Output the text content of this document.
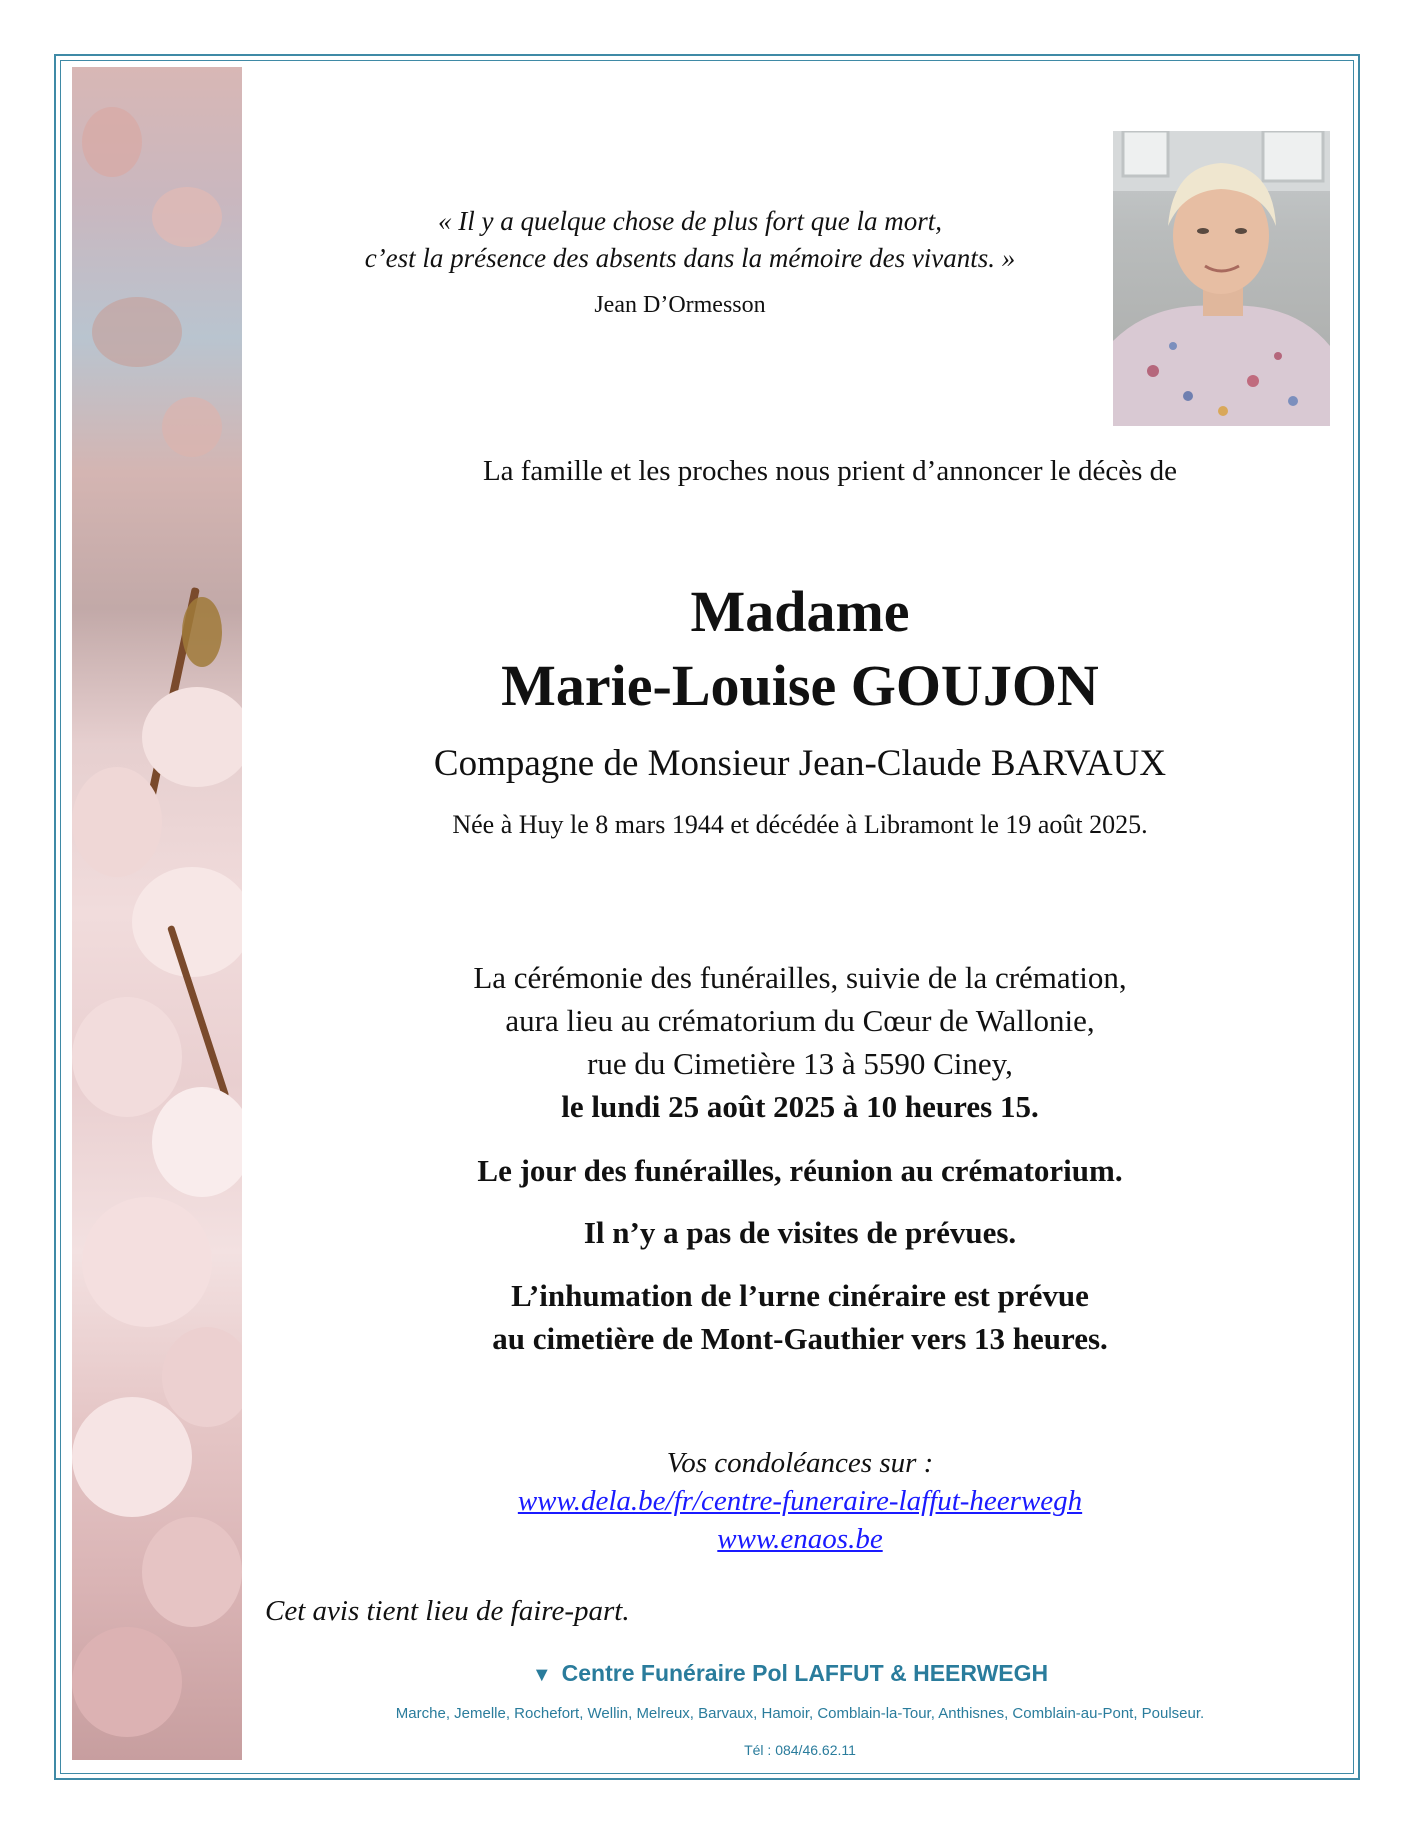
« Il y a quelque chose de plus fort que la mort,
c’est la présence des absents dans la mémoire des vivants. »
Jean D’Ormesson
La famille et les proches nous prient d’annoncer le décès de
Madame
Marie-Louise GOUJON
Compagne de Monsieur Jean-Claude BARVAUX
Née à Huy le 8 mars 1944 et décédée à Libramont le 19 août 2025.
La cérémonie des funérailles, suivie de la crémation,
aura lieu au crématorium du Cœur de Wallonie,
rue du Cimetière 13 à 5590 Ciney,
le lundi 25 août 2025 à 10 heures 15.
Le jour des funérailles, réunion au crématorium.
Il n’y a pas de visites de prévues.
L’inhumation de l’urne cinéraire est prévue
au cimetière de Mont-Gauthier vers 13 heures.
Vos condoléances sur :
www.dela.be/fr/centre-funeraire-laffut-heerwegh
www.enaos.be
Cet avis tient lieu de faire-part.
▼ Centre Funéraire Pol LAFFUT & HEERWEGH
Marche, Jemelle, Rochefort, Wellin, Melreux, Barvaux, Hamoir, Comblain-la-Tour, Anthisnes, Comblain-au-Pont, Poulseur.
Tél : 084/46.62.11
